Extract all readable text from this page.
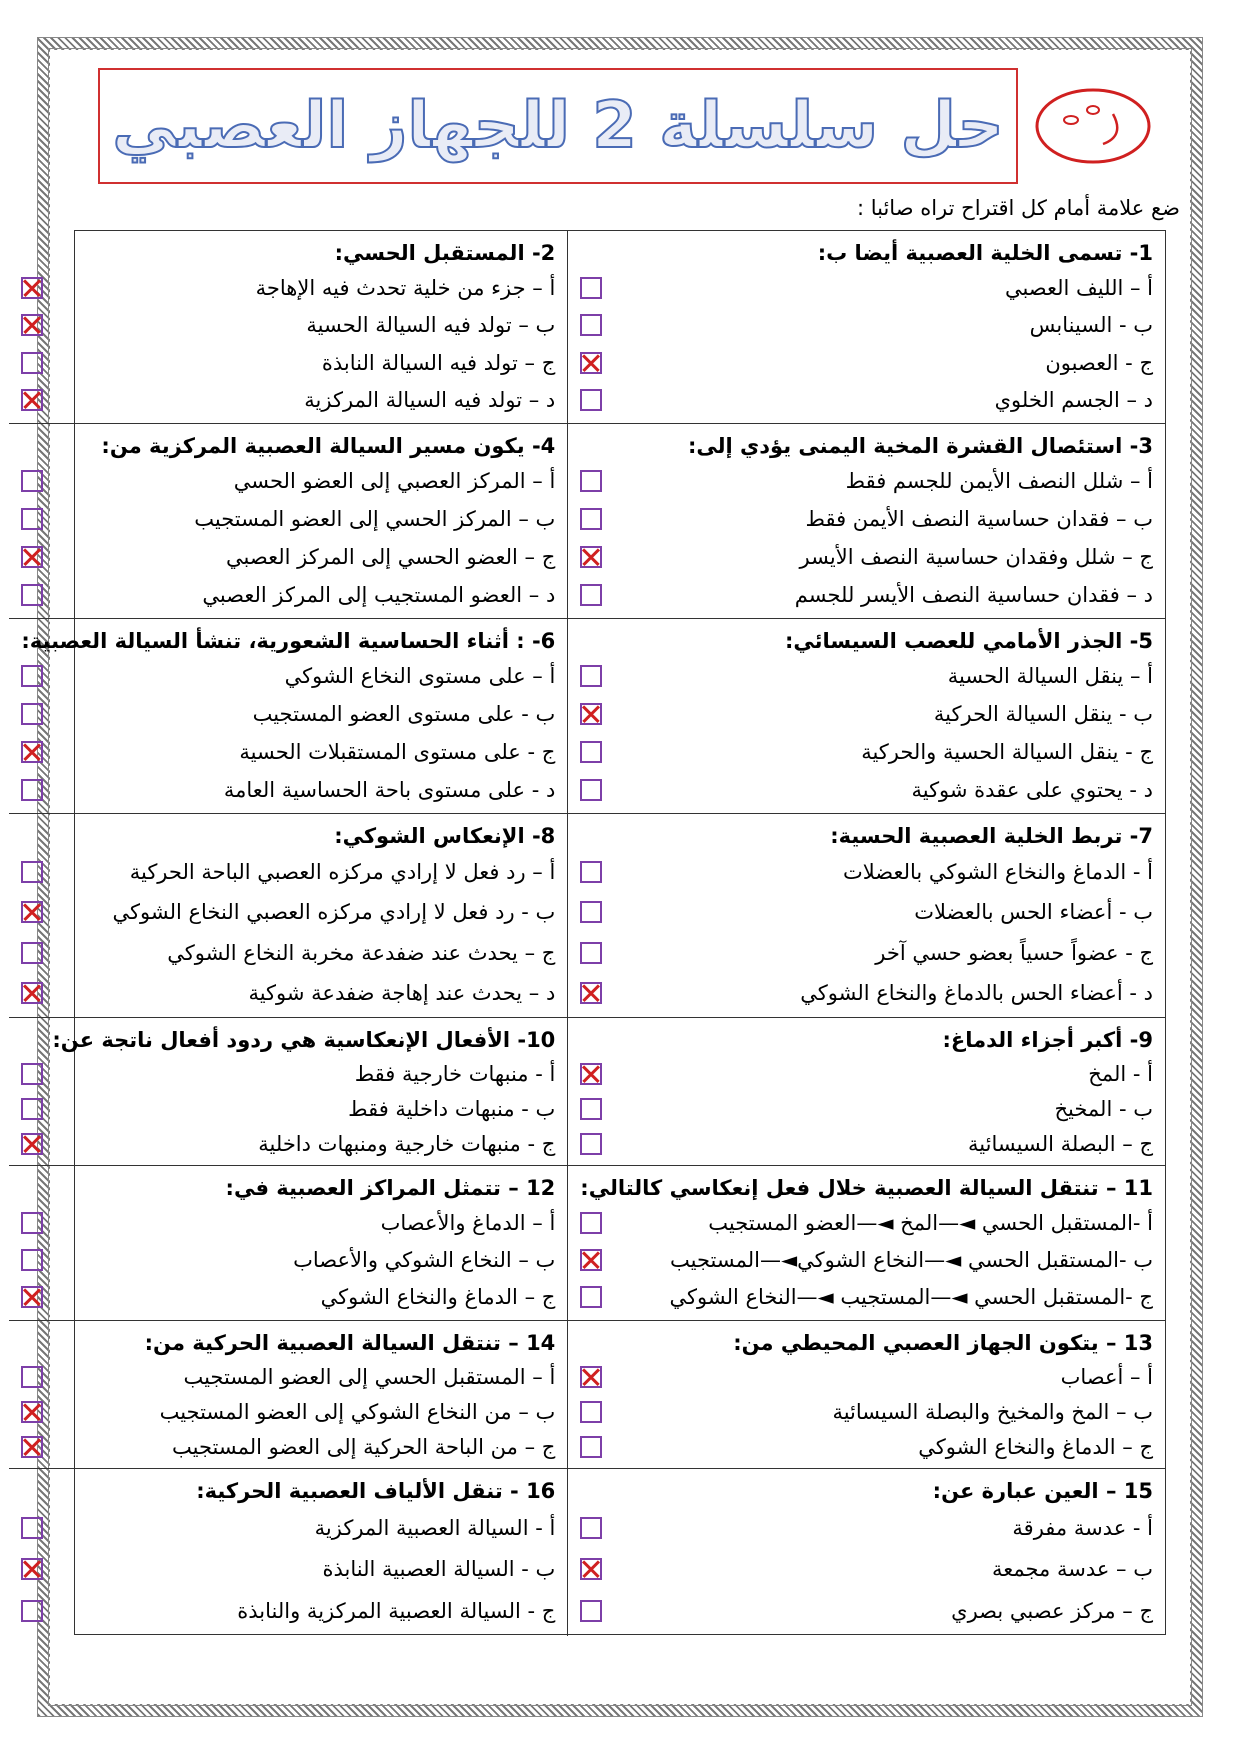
حل سلسلة 2 للجهاز العصبي
ضع علامة أمام كل اقتراح تراه صائبا :
1- تسمى الخلية العصبية أيضا ب:
أ – الليف العصبي
ب - السينابس
ج - العصبون
د – الجسم الخلوي
2- المستقبل الحسي:
أ – جزء من خلية تحدث فيه الإهاجة
ب – تولد فيه السيالة الحسية
ج – تولد فيه السيالة النابذة
د – تولد فيه السيالة المركزية
3- استئصال القشرة المخية اليمنى يؤدي إلى:
أ – شلل النصف الأيمن للجسم فقط
ب – فقدان حساسية النصف الأيمن فقط
ج – شلل وفقدان حساسية النصف الأيسر
د – فقدان حساسية النصف الأيسر للجسم
4- يكون مسير السيالة العصبية المركزية من:
أ – المركز العصبي إلى العضو الحسي
ب – المركز الحسي إلى العضو المستجيب
ج – العضو الحسي إلى المركز العصبي
د – العضو المستجيب إلى المركز العصبي
5- الجذر الأمامي للعصب السيسائي:
أ – ينقل السيالة الحسية
ب - ينقل السيالة الحركية
ج - ينقل السيالة الحسية والحركية
د - يحتوي على عقدة شوكية
6- : أثناء الحساسية الشعورية، تنشأ السيالة العصبية:
أ – على مستوى النخاع الشوكي
ب - على مستوى العضو المستجيب
ج - على مستوى المستقبلات الحسية
د - على مستوى باحة الحساسية العامة
7- تربط الخلية العصبية الحسية:
أ - الدماغ والنخاع الشوكي بالعضلات
ب - أعضاء الحس بالعضلات
ج - عضواً حسياً بعضو حسي آخر
د - أعضاء الحس بالدماغ والنخاع الشوكي
8- الإنعكاس الشوكي:
أ – رد فعل لا إرادي مركزه العصبي الباحة الحركية
ب - رد فعل لا إرادي مركزه العصبي النخاع الشوكي
ج – يحدث عند ضفدعة مخربة النخاع الشوكي
د – يحدث عند إهاجة ضفدعة شوكية
9- أكبر أجزاء الدماغ:
أ - المخ
ب - المخيخ
ج – البصلة السيسائية
10- الأفعال الإنعكاسية هي ردود أفعال ناتجة عن:
أ - منبهات خارجية فقط
ب - منبهات داخلية فقط
ج - منبهات خارجية ومنبهات داخلية
11 – تنتقل السيالة العصبية خلال فعل إنعكاسي كالتالي:
أ -المستقبل الحسي ◄—المخ ◄—العضو المستجيب
ب -المستقبل الحسي ◄—النخاع الشوكي◄—المستجيب
ج -المستقبل الحسي ◄—المستجيب ◄—النخاع الشوكي
12 – تتمثل المراكز العصبية في:
أ – الدماغ والأعصاب
ب – النخاع الشوكي والأعصاب
ج – الدماغ والنخاع الشوكي
13 – يتكون الجهاز العصبي المحيطي من:
أ – أعصاب
ب – المخ والمخيخ والبصلة السيسائية
ج – الدماغ والنخاع الشوكي
14 – تنتقل السيالة العصبية الحركية من:
أ – المستقبل الحسي إلى العضو المستجيب
ب – من النخاع الشوكي إلى العضو المستجيب
ج – من الباحة الحركية إلى العضو المستجيب
15 – العين عبارة عن:
أ - عدسة مفرقة
ب – عدسة مجمعة
ج – مركز عصبي بصري
16 - تنقل الألياف العصبية الحركية:
أ - السيالة العصبية المركزية
ب - السيالة العصبية النابذة
ج - السيالة العصبية المركزية والنابذة
